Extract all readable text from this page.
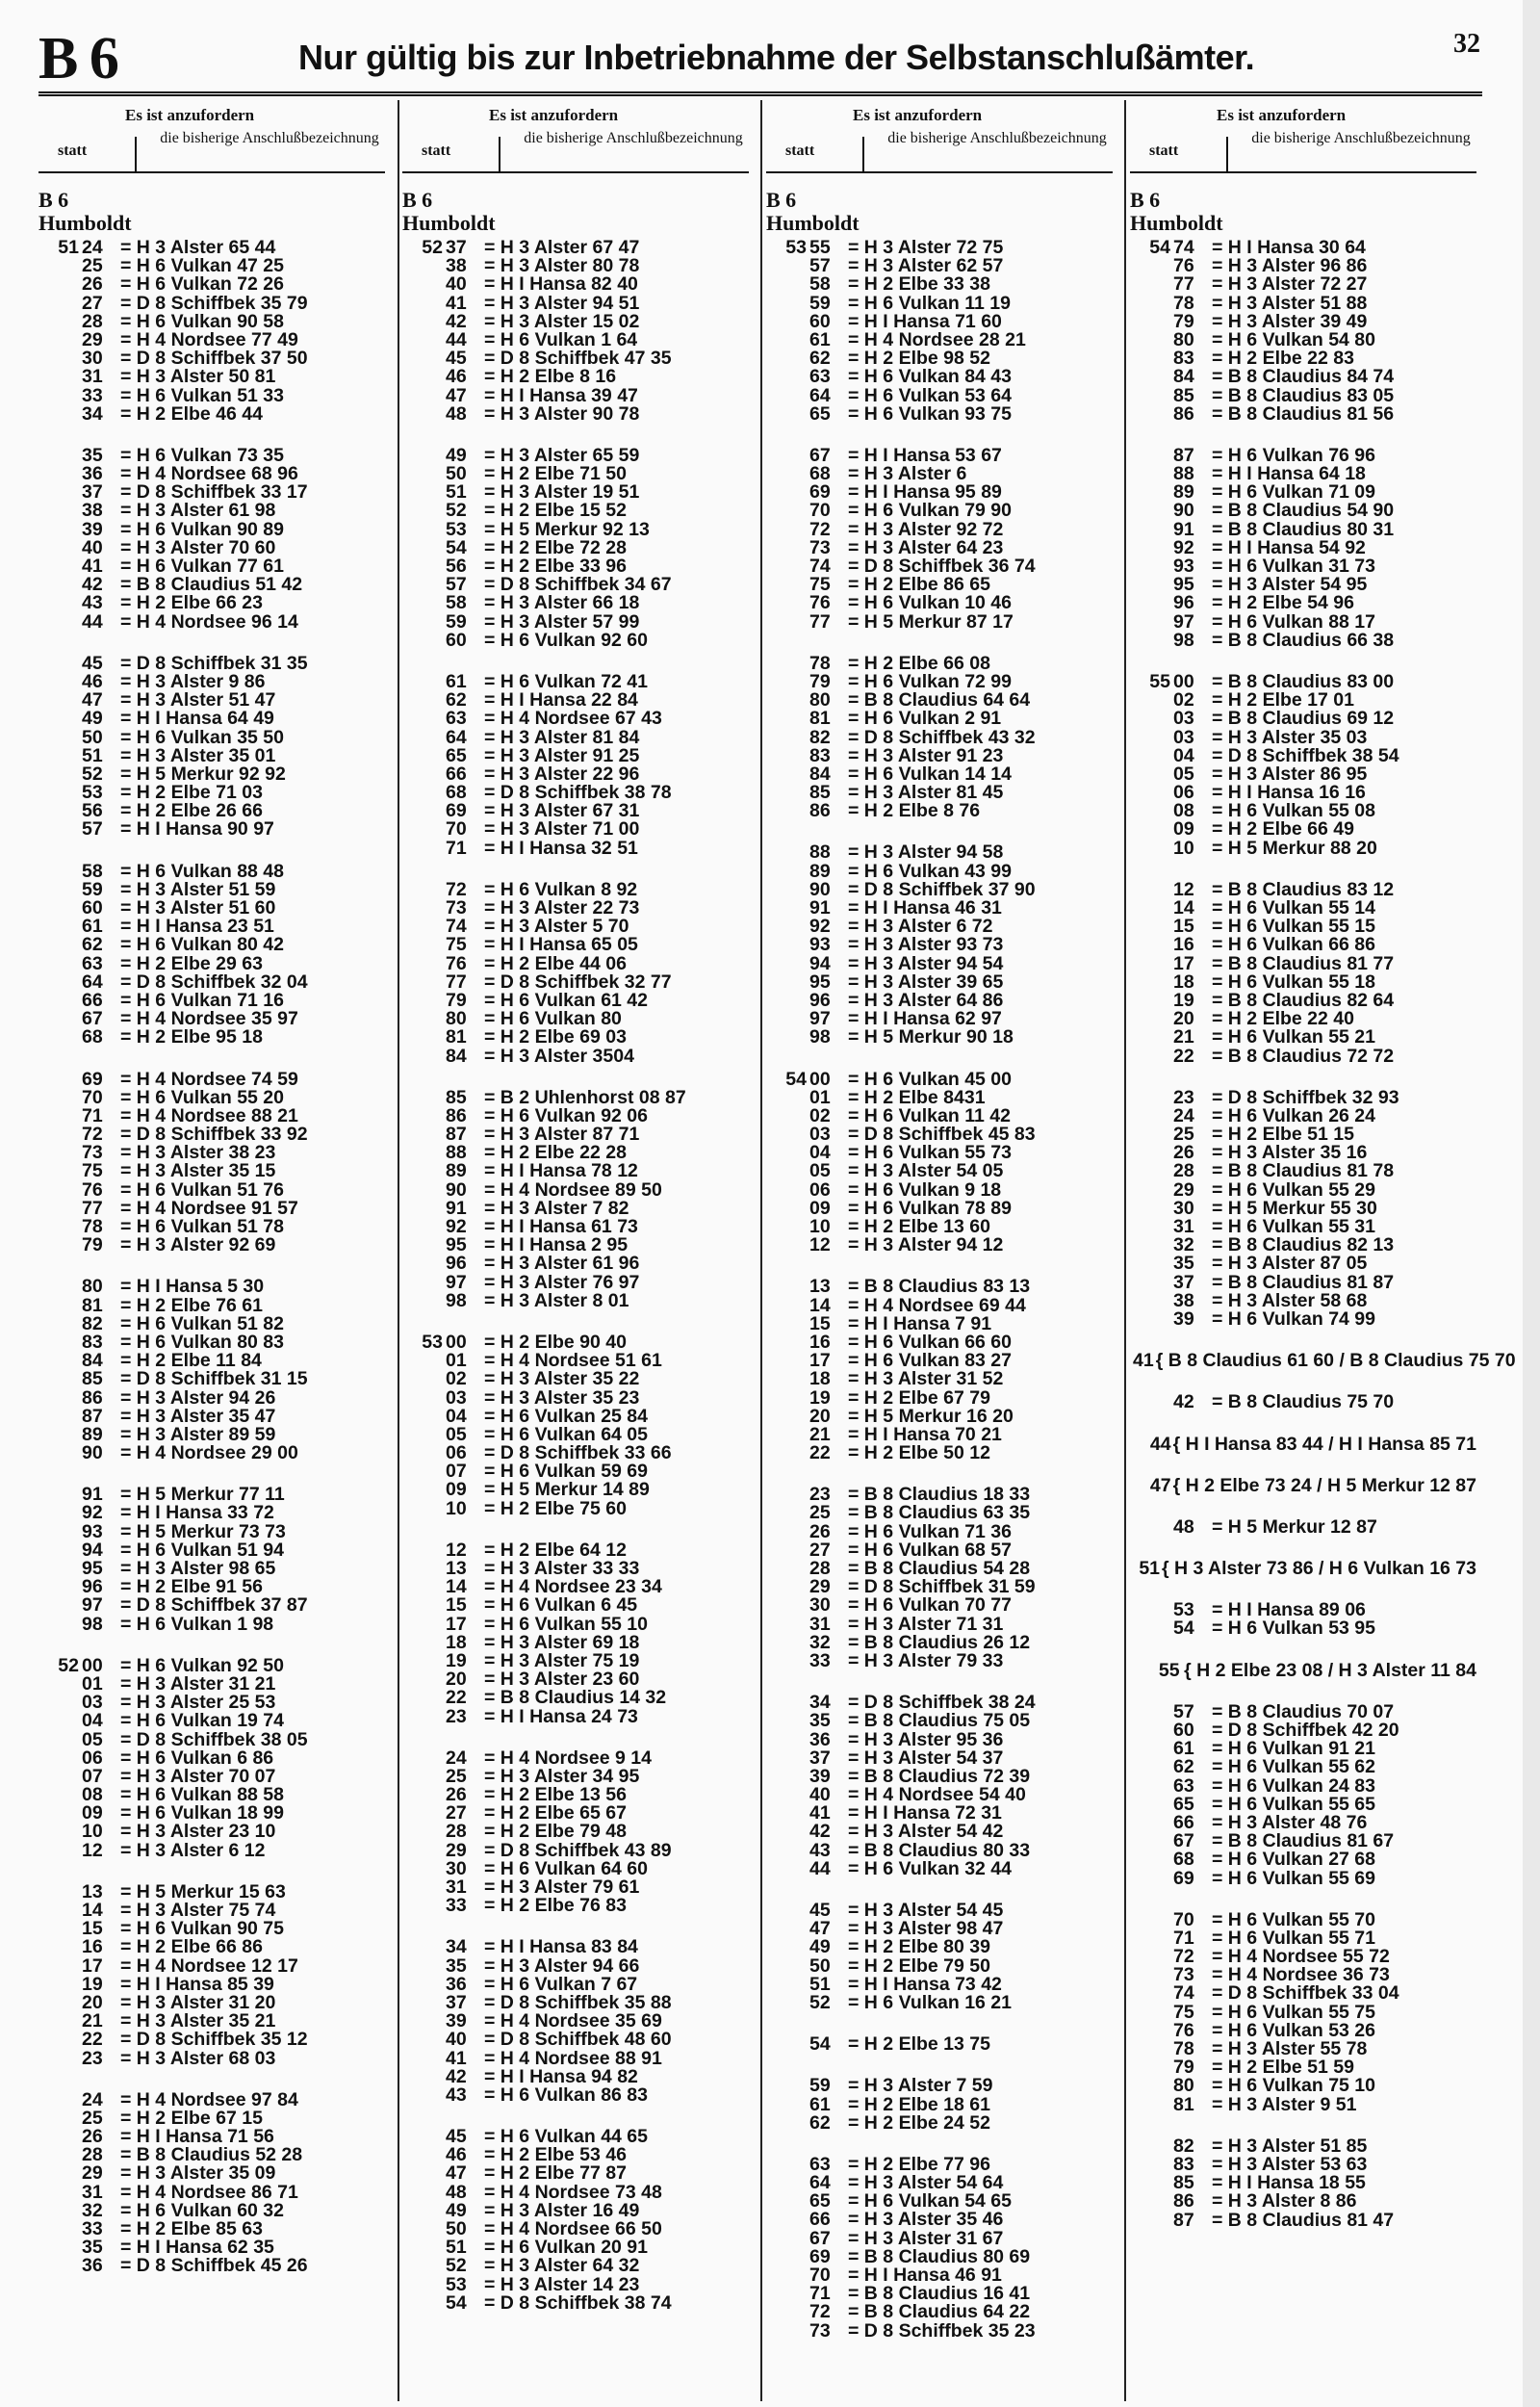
B 6	Nur gültig bis zur Inbetriebnahme der Selbstanschlußämter.	32
Es ist anzufordern
statt
die bisherige Anschlußbezeichnung
B 6
Humboldt
51 24 = H 3 Alster 65 44
25 = H 6 Vulkan 47 25
26 = H 6 Vulkan 72 26
27 = D 8 Schiffbek 35 79
28 = H 6 Vulkan 90 58
29 = H 4 Nordsee 77 49
30 = D 8 Schiffbek 37 50
31 = H 3 Alster 50 81
33 = H 6 Vulkan 51 33
34 = H 2 Elbe 46 44
35 = H 6 Vulkan 73 35
36 = H 4 Nordsee 68 96
37 = D 8 Schiffbek 33 17
38 = H 3 Alster 61 98
39 = H 6 Vulkan 90 89
40 = H 3 Alster 70 60
41 = H 6 Vulkan 77 61
42 = B 8 Claudius 51 42
43 = H 2 Elbe 66 23
44 = H 4 Nordsee 96 14
45 = D 8 Schiffbek 31 35
46 = H 3 Alster 9 86
47 = H 3 Alster 51 47
49 = H I Hansa 64 49
50 = H 6 Vulkan 35 50
51 = H 3 Alster 35 01
52 = H 5 Merkur 92 92
53 = H 2 Elbe 71 03
56 = H 2 Elbe 26 66
57 = H I Hansa 90 97
58 = H 6 Vulkan 88 48
59 = H 3 Alster 51 59
60 = H 3 Alster 51 60
61 = H I Hansa 23 51
62 = H 6 Vulkan 80 42
63 = H 2 Elbe 29 63
64 = D 8 Schiffbek 32 04
66 = H 6 Vulkan 71 16
67 = H 4 Nordsee 35 97
68 = H 2 Elbe 95 18
69 = H 4 Nordsee 74 59
70 = H 6 Vulkan 55 20
71 = H 4 Nordsee 88 21
72 = D 8 Schiffbek 33 92
73 = H 3 Alster 38 23
75 = H 3 Alster 35 15
76 = H 6 Vulkan 51 76
77 = H 4 Nordsee 91 57
78 = H 6 Vulkan 51 78
79 = H 3 Alster 92 69
80 = H I Hansa 5 30
81 = H 2 Elbe 76 61
82 = H 6 Vulkan 51 82
83 = H 6 Vulkan 80 83
84 = H 2 Elbe 11 84
85 = D 8 Schiffbek 31 15
86 = H 3 Alster 94 26
87 = H 3 Alster 35 47
89 = H 3 Alster 89 59
90 = H 4 Nordsee 29 00
91 = H 5 Merkur 77 11
92 = H I Hansa 33 72
93 = H 5 Merkur 73 73
94 = H 6 Vulkan 51 94
95 = H 3 Alster 98 65
96 = H 2 Elbe 91 56
97 = D 8 Schiffbek 37 87
98 = H 6 Vulkan 1 98
52 00 = H 6 Vulkan 92 50
01 = H 3 Alster 31 21
03 = H 3 Alster 25 53
04 = H 6 Vulkan 19 74
05 = D 8 Schiffbek 38 05
06 = H 6 Vulkan 6 86
07 = H 3 Alster 70 07
08 = H 6 Vulkan 88 58
09 = H 6 Vulkan 18 99
10 = H 3 Alster 23 10
12 = H 3 Alster 6 12
13 = H 5 Merkur 15 63
14 = H 3 Alster 75 74
15 = H 6 Vulkan 90 75
16 = H 2 Elbe 66 86
17 = H 4 Nordsee 12 17
19 = H I Hansa 85 39
20 = H 3 Alster 31 20
21 = H 3 Alster 35 21
22 = D 8 Schiffbek 35 12
23 = H 3 Alster 68 03
24 = H 4 Nordsee 97 84
25 = H 2 Elbe 67 15
26 = H I Hansa 71 56
28 = B 8 Claudius 52 28
29 = H 3 Alster 35 09
31 = H 4 Nordsee 86 71
32 = H 6 Vulkan 60 32
33 = H 2 Elbe 85 63
35 = H I Hansa 62 35
36 = D 8 Schiffbek 45 26
Es ist anzufordern
statt
die bisherige Anschlußbezeichnung
B 6
Humboldt
52 37 = H 3 Alster 67 47
38 = H 3 Alster 80 78
40 = H I Hansa 82 40
41 = H 3 Alster 94 51
42 = H 3 Alster 15 02
44 = H 6 Vulkan 1 64
45 = D 8 Schiffbek 47 35
46 = H 2 Elbe 8 16
47 = H I Hansa 39 47
48 = H 3 Alster 90 78
49 = H 3 Alster 65 59
50 = H 2 Elbe 71 50
51 = H 3 Alster 19 51
52 = H 2 Elbe 15 52
53 = H 5 Merkur 92 13
54 = H 2 Elbe 72 28
56 = H 2 Elbe 33 96
57 = D 8 Schiffbek 34 67
58 = H 3 Alster 66 18
59 = H 3 Alster 57 99
60 = H 6 Vulkan 92 60
61 = H 6 Vulkan 72 41
62 = H I Hansa 22 84
63 = H 4 Nordsee 67 43
64 = H 3 Alster 81 84
65 = H 3 Alster 91 25
66 = H 3 Alster 22 96
68 = D 8 Schiffbek 38 78
69 = H 3 Alster 67 31
70 = H 3 Alster 71 00
71 = H I Hansa 32 51
72 = H 6 Vulkan 8 92
73 = H 3 Alster 22 73
74 = H 3 Alster 5 70
75 = H I Hansa 65 05
76 = H 2 Elbe 44 06
77 = D 8 Schiffbek 32 77
79 = H 6 Vulkan 61 42
80 = H 6 Vulkan 80
81 = H 2 Elbe 69 03
84 = H 3 Alster 3504
85 = B 2 Uhlenhorst 08 87
86 = H 6 Vulkan 92 06
87 = H 3 Alster 87 71
88 = H 2 Elbe 22 28
89 = H I Hansa 78 12
90 = H 4 Nordsee 89 50
91 = H 3 Alster 7 82
92 = H I Hansa 61 73
95 = H I Hansa 2 95
96 = H 3 Alster 61 96
97 = H 3 Alster 76 97
98 = H 3 Alster 8 01
53 00 = H 2 Elbe 90 40
01 = H 4 Nordsee 51 61
02 = H 3 Alster 35 22
03 = H 3 Alster 35 23
04 = H 6 Vulkan 25 84
05 = H 6 Vulkan 64 05
06 = D 8 Schiffbek 33 66
07 = H 6 Vulkan 59 69
09 = H 5 Merkur 14 89
10 = H 2 Elbe 75 60
12 = H 2 Elbe 64 12
13 = H 3 Alster 33 33
14 = H 4 Nordsee 23 34
15 = H 6 Vulkan 6 45
17 = H 6 Vulkan 55 10
18 = H 3 Alster 69 18
19 = H 3 Alster 75 19
20 = H 3 Alster 23 60
22 = B 8 Claudius 14 32
23 = H I Hansa 24 73
24 = H 4 Nordsee 9 14
25 = H 3 Alster 34 95
26 = H 2 Elbe 13 56
27 = H 2 Elbe 65 67
28 = H 2 Elbe 79 48
29 = D 8 Schiffbek 43 89
30 = H 6 Vulkan 64 60
31 = H 3 Alster 79 61
33 = H 2 Elbe 76 83
34 = H I Hansa 83 84
35 = H 3 Alster 94 66
36 = H 6 Vulkan 7 67
37 = D 8 Schiffbek 35 88
39 = H 4 Nordsee 35 69
40 = D 8 Schiffbek 48 60
41 = H 4 Nordsee 88 91
42 = H I Hansa 94 82
43 = H 6 Vulkan 86 83
45 = H 6 Vulkan 44 65
46 = H 2 Elbe 53 46
47 = H 2 Elbe 77 87
48 = H 4 Nordsee 73 48
49 = H 3 Alster 16 49
50 = H 4 Nordsee 66 50
51 = H 6 Vulkan 20 91
52 = H 3 Alster 64 32
53 = H 3 Alster 14 23
54 = D 8 Schiffbek 38 74
Es ist anzufordern
statt
die bisherige Anschlußbezeichnung
B 6
Humboldt
53 55 = H 3 Alster 72 75
57 = H 3 Alster 62 57
58 = H 2 Elbe 33 38
59 = H 6 Vulkan 11 19
60 = H I Hansa 71 60
61 = H 4 Nordsee 28 21
62 = H 2 Elbe 98 52
63 = H 6 Vulkan 84 43
64 = H 6 Vulkan 53 64
65 = H 6 Vulkan 93 75
67 = H I Hansa 53 67
68 = H 3 Alster 6
69 = H I Hansa 95 89
70 = H 6 Vulkan 79 90
72 = H 3 Alster 92 72
73 = H 3 Alster 64 23
74 = D 8 Schiffbek 36 74
75 = H 2 Elbe 86 65
76 = H 6 Vulkan 10 46
77 = H 5 Merkur 87 17
78 = H 2 Elbe 66 08
79 = H 6 Vulkan 72 99
80 = B 8 Claudius 64 64
81 = H 6 Vulkan 2 91
82 = D 8 Schiffbek 43 32
83 = H 3 Alster 91 23
84 = H 6 Vulkan 14 14
85 = H 3 Alster 81 45
86 = H 2 Elbe 8 76
88 = H 3 Alster 94 58
89 = H 6 Vulkan 43 99
90 = D 8 Schiffbek 37 90
91 = H I Hansa 46 31
92 = H 3 Alster 6 72
93 = H 3 Alster 93 73
94 = H 3 Alster 94 54
95 = H 3 Alster 39 65
96 = H 3 Alster 64 86
97 = H I Hansa 62 97
98 = H 5 Merkur 90 18
54 00 = H 6 Vulkan 45 00
01 = H 2 Elbe 8431
02 = H 6 Vulkan 11 42
03 = D 8 Schiffbek 45 83
04 = H 6 Vulkan 55 73
05 = H 3 Alster 54 05
06 = H 6 Vulkan 9 18
09 = H 6 Vulkan 78 89
10 = H 2 Elbe 13 60
12 = H 3 Alster 94 12
13 = B 8 Claudius 83 13
14 = H 4 Nordsee 69 44
15 = H I Hansa 7 91
16 = H 6 Vulkan 66 60
17 = H 6 Vulkan 83 27
18 = H 3 Alster 31 52
19 = H 2 Elbe 67 79
20 = H 5 Merkur 16 20
21 = H I Hansa 70 21
22 = H 2 Elbe 50 12
23 = B 8 Claudius 18 33
25 = B 8 Claudius 63 35
26 = H 6 Vulkan 71 36
27 = H 6 Vulkan 68 57
28 = B 8 Claudius 54 28
29 = D 8 Schiffbek 31 59
30 = H 6 Vulkan 70 77
31 = H 3 Alster 71 31
32 = B 8 Claudius 26 12
33 = H 3 Alster 79 33
34 = D 8 Schiffbek 38 24
35 = B 8 Claudius 75 05
36 = H 3 Alster 95 36
37 = H 3 Alster 54 37
39 = B 8 Claudius 72 39
40 = H 4 Nordsee 54 40
41 = H I Hansa 72 31
42 = H 3 Alster 54 42
43 = B 8 Claudius 80 33
44 = H 6 Vulkan 32 44
45 = H 3 Alster 54 45
47 = H 3 Alster 98 47
49 = H 2 Elbe 80 39
50 = H 2 Elbe 79 50
51 = H I Hansa 73 42
52 = H 6 Vulkan 16 21
54 = H 2 Elbe 13 75
59 = H 3 Alster 7 59
61 = H 2 Elbe 18 61
62 = H 2 Elbe 24 52
63 = H 2 Elbe 77 96
64 = H 3 Alster 54 64
65 = H 6 Vulkan 54 65
66 = H 3 Alster 35 46
67 = H 3 Alster 31 67
69 = B 8 Claudius 80 69
70 = H I Hansa 46 91
71 = B 8 Claudius 16 41
72 = B 8 Claudius 64 22
73 = D 8 Schiffbek 35 23
Es ist anzufordern
statt
die bisherige Anschlußbezeichnung
B 6
Humboldt
54 74 = H I Hansa 30 64
76 = H 3 Alster 96 86
77 = H 3 Alster 72 27
78 = H 3 Alster 51 88
79 = H 3 Alster 39 49
80 = H 6 Vulkan 54 80
83 = H 2 Elbe 22 83
84 = B 8 Claudius 84 74
85 = B 8 Claudius 83 05
86 = B 8 Claudius 81 56
87 = H 6 Vulkan 76 96
88 = H I Hansa 64 18
89 = H 6 Vulkan 71 09
90 = B 8 Claudius 54 90
91 = B 8 Claudius 80 31
92 = H I Hansa 54 92
93 = H 6 Vulkan 31 73
95 = H 3 Alster 54 95
96 = H 2 Elbe 54 96
97 = H 6 Vulkan 88 17
98 = B 8 Claudius 66 38
55 00 = B 8 Claudius 83 00
02 = H 2 Elbe 17 01
03 = B 8 Claudius 69 12
03 = H 3 Alster 35 03
04 = D 8 Schiffbek 38 54
05 = H 3 Alster 86 95
06 = H I Hansa 16 16
08 = H 6 Vulkan 55 08
09 = H 2 Elbe 66 49
10 = H 5 Merkur 88 20
12 = B 8 Claudius 83 12
14 = H 6 Vulkan 55 14
15 = H 6 Vulkan 55 15
16 = H 6 Vulkan 66 86
17 = B 8 Claudius 81 77
18 = H 6 Vulkan 55 18
19 = B 8 Claudius 82 64
20 = H 2 Elbe 22 40
21 = H 6 Vulkan 55 21
22 = B 8 Claudius 72 72
23 = D 8 Schiffbek 32 93
24 = H 6 Vulkan 26 24
25 = H 2 Elbe 51 15
26 = H 3 Alster 35 16
28 = B 8 Claudius 81 78
29 = H 6 Vulkan 55 29
30 = H 5 Merkur 55 30
31 = H 6 Vulkan 55 31
32 = B 8 Claudius 82 13
35 = H 3 Alster 87 05
37 = B 8 Claudius 81 87
38 = H 3 Alster 58 68
39 = H 6 Vulkan 74 99
41 { B 8 Claudius 61 60 / B 8 Claudius 75 70
42 = B 8 Claudius 75 70
44 { H I Hansa 83 44 / H I Hansa 85 71
47 { H 2 Elbe 73 24 / H 5 Merkur 12 87
48 = H 5 Merkur 12 87
51 { H 3 Alster 73 86 / H 6 Vulkan 16 73
53 = H I Hansa 89 06
54 = H 6 Vulkan 53 95
55 { H 2 Elbe 23 08 / H 3 Alster 11 84
57 = B 8 Claudius 70 07
60 = D 8 Schiffbek 42 20
61 = H 6 Vulkan 91 21
62 = H 6 Vulkan 55 62
63 = H 6 Vulkan 24 83
65 = H 6 Vulkan 55 65
66 = H 3 Alster 48 76
67 = B 8 Claudius 81 67
68 = H 6 Vulkan 27 68
69 = H 6 Vulkan 55 69
70 = H 6 Vulkan 55 70
71 = H 6 Vulkan 55 71
72 = H 4 Nordsee 55 72
73 = H 4 Nordsee 36 73
74 = D 8 Schiffbek 33 04
75 = H 6 Vulkan 55 75
76 = H 6 Vulkan 53 26
78 = H 3 Alster 55 78
79 = H 2 Elbe 51 59
80 = H 6 Vulkan 75 10
81 = H 3 Alster 9 51
82 = H 3 Alster 51 85
83 = H 3 Alster 53 63
85 = H I Hansa 18 55
86 = H 3 Alster 8 86
87 = B 8 Claudius 81 47
